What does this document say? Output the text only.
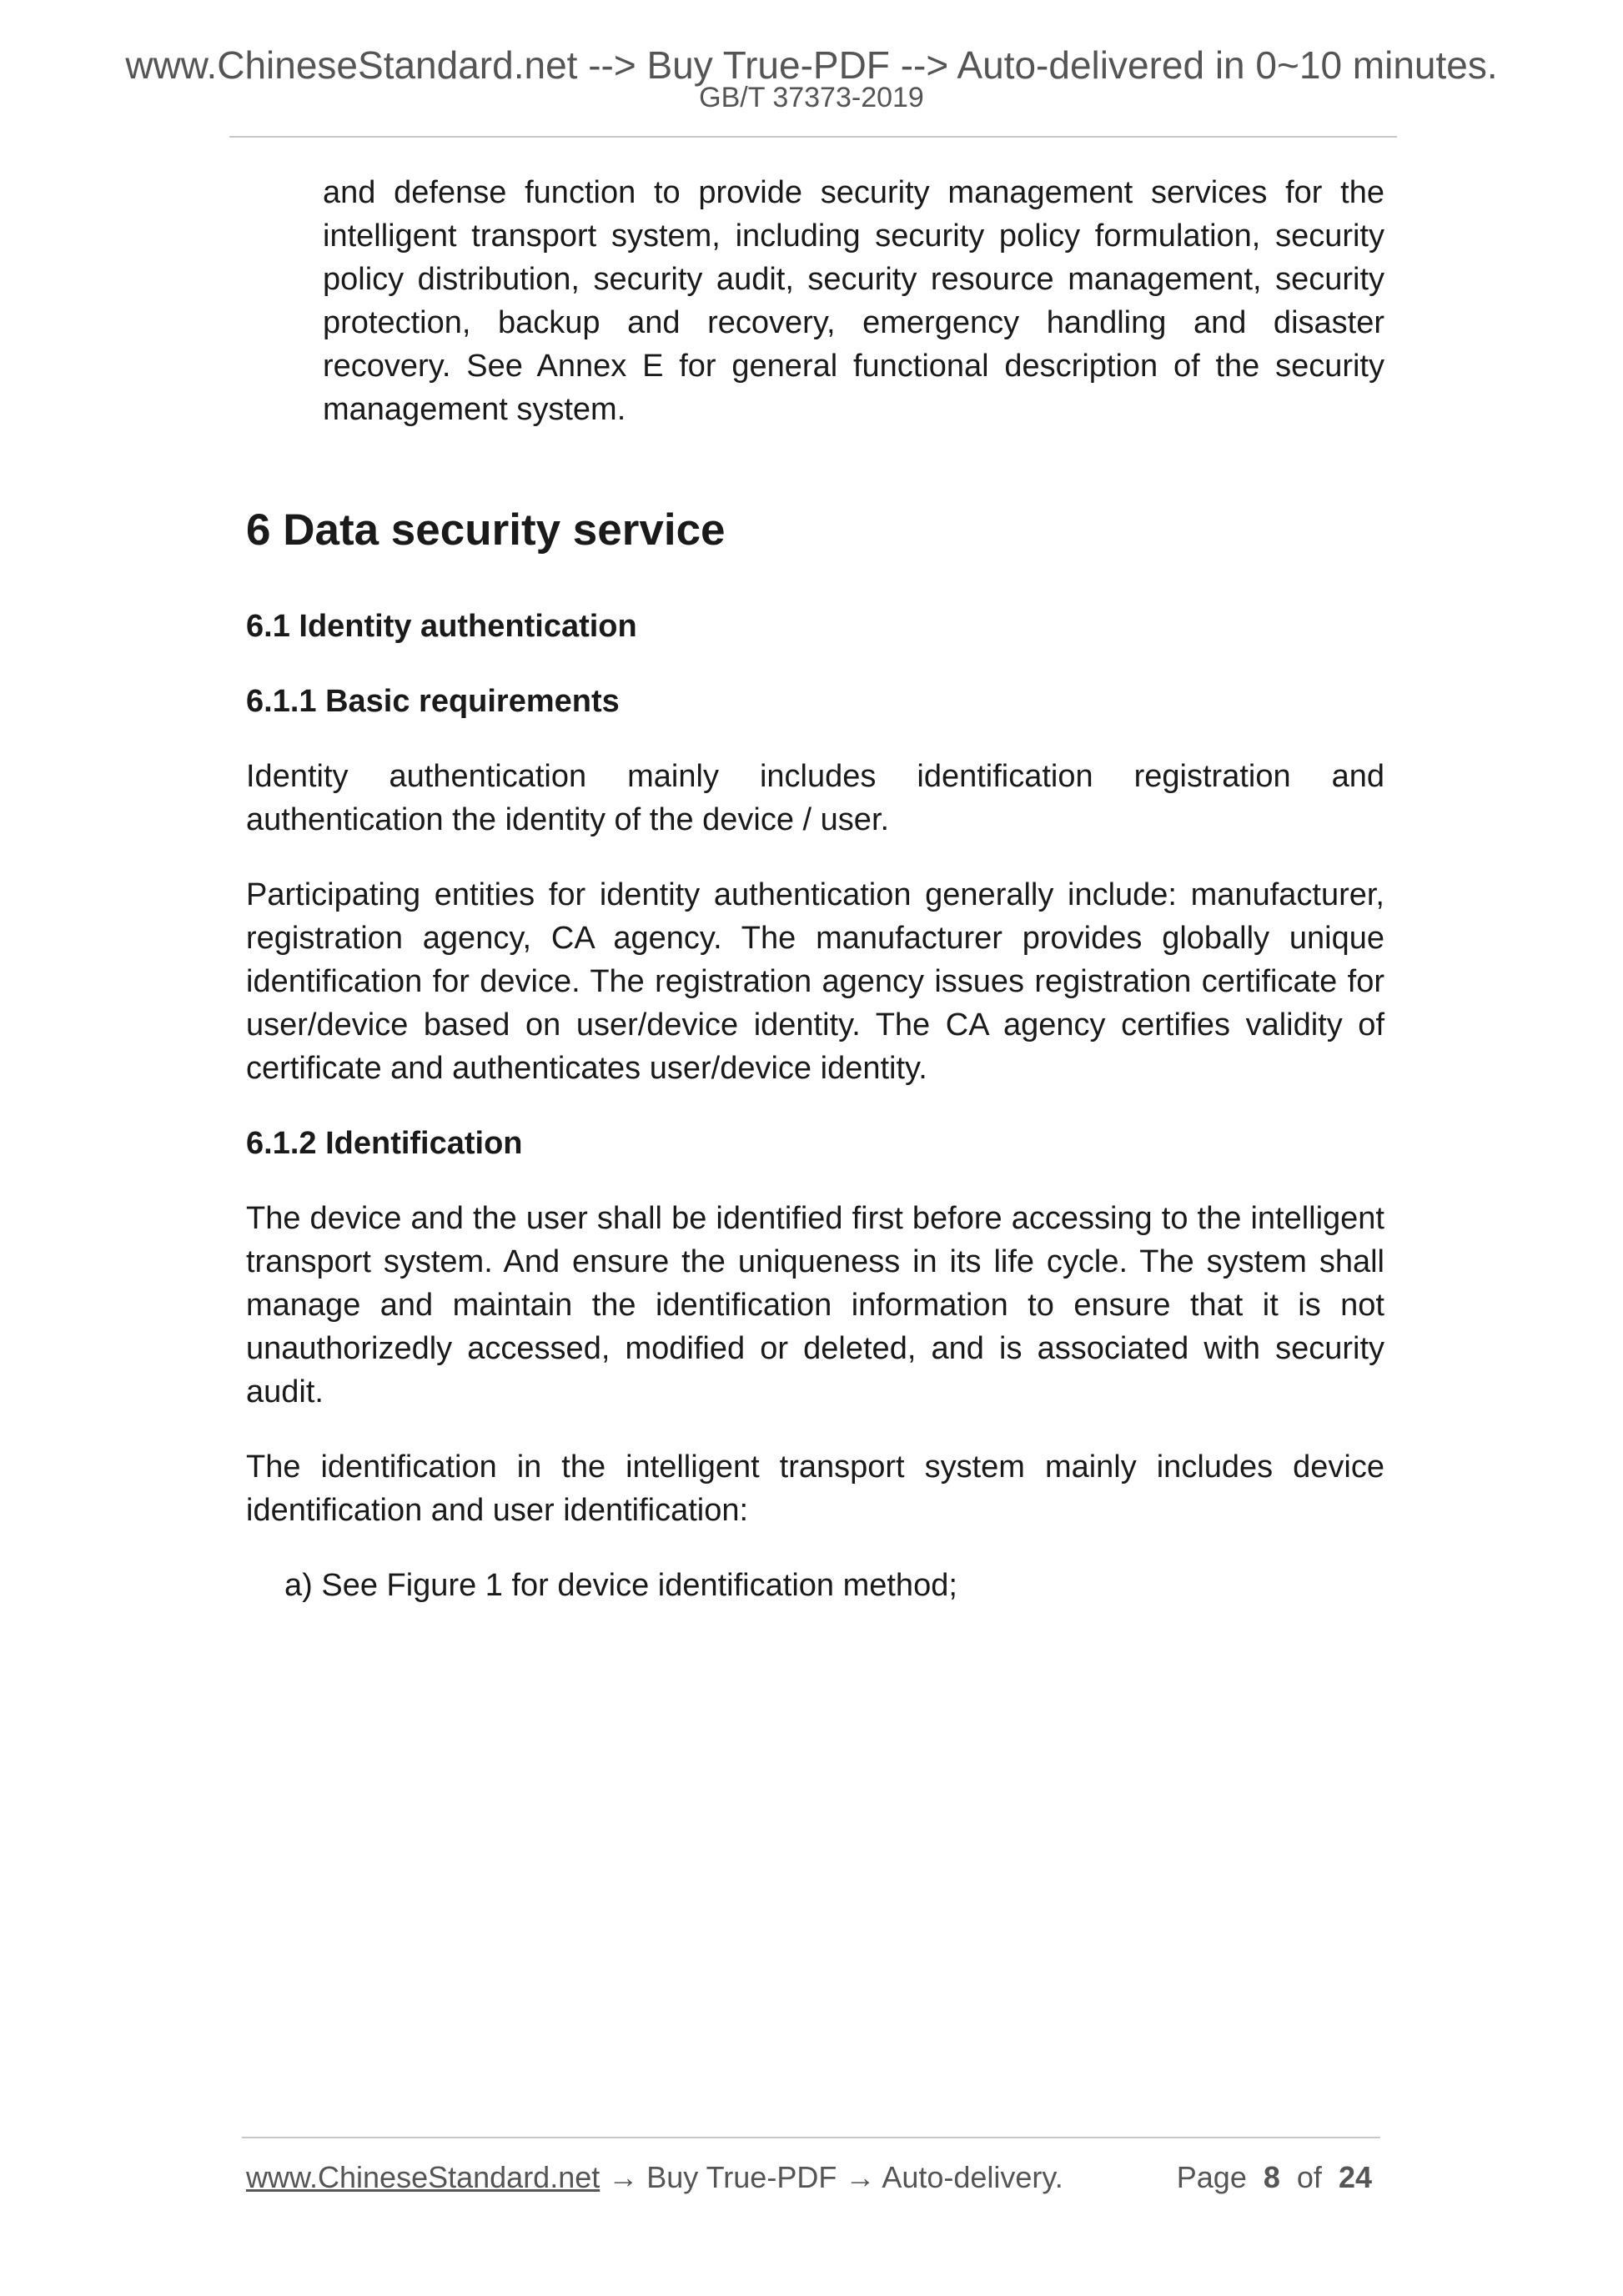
www.ChineseStandard.net --> Buy True-PDF --> Auto-delivered in 0~10 minutes.
GB/T 37373-2019

and defense function to provide security management services for the intelligent transport system, including security policy formulation, security policy distribution, security audit, security resource management, security protection, backup and recovery, emergency handling and disaster recovery. See Annex E for general functional description of the security management system.

6 Data security service

6.1 Identity authentication

6.1.1 Basic requirements

Identity authentication mainly includes identification registration and authentication the identity of the device / user.

Participating entities for identity authentication generally include: manufacturer, registration agency, CA agency. The manufacturer provides globally unique identification for device. The registration agency issues registration certificate for user/device based on user/device identity. The CA agency certifies validity of certificate and authenticates user/device identity.

6.1.2 Identification

The device and the user shall be identified first before accessing to the intelligent transport system. And ensure the uniqueness in its life cycle. The system shall manage and maintain the identification information to ensure that it is not unauthorizedly accessed, modified or deleted, and is associated with security audit.

The identification in the intelligent transport system mainly includes device identification and user identification:

a) See Figure 1 for device identification method;

www.ChineseStandard.net → Buy True-PDF → Auto-delivery.	Page 8 of 24
